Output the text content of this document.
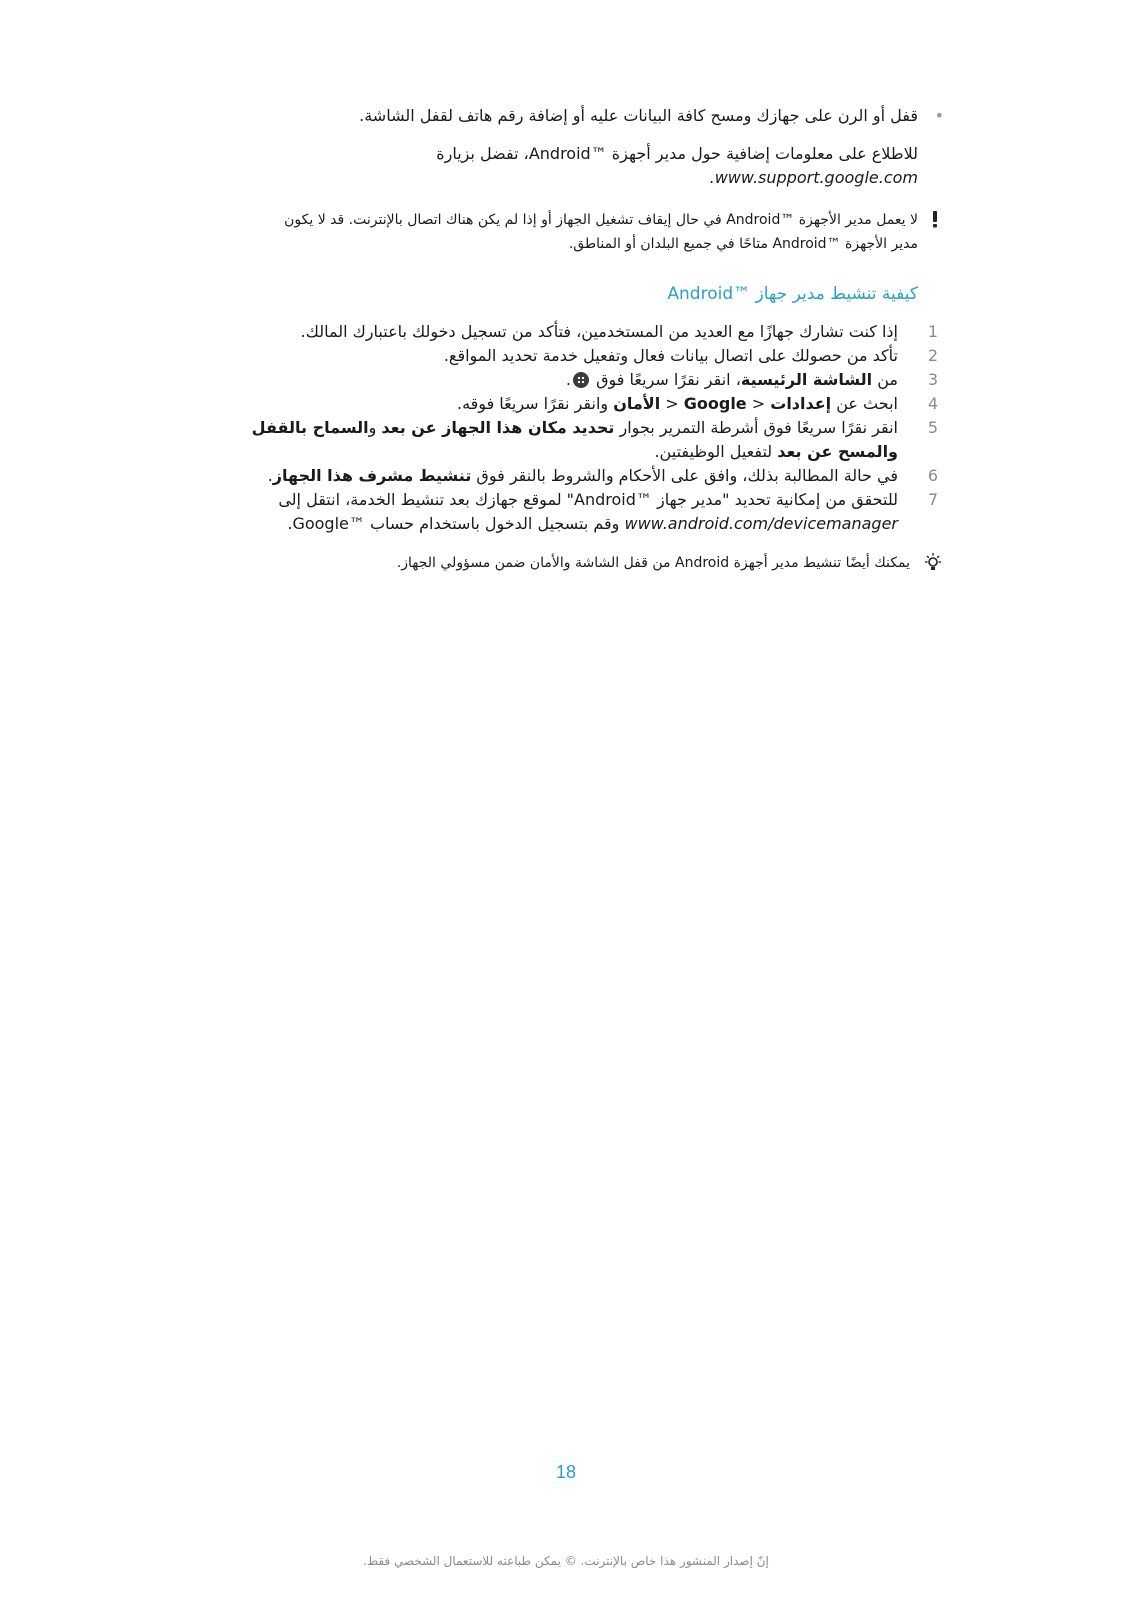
•
قفل أو الرن على جهازك ومسح كافة البيانات عليه أو إضافة رقم هاتف لقفل الشاشة.
للاطلاع على معلومات إضافية حول مدير أجهزة ™Android، تفضل بزيارة
www.support.google.com.
لا يعمل مدير الأجهزة ™Android في حال إيقاف تشغيل الجهاز أو إذا لم يكن هناك اتصال بالإنترنت. قد لا يكون
مدير الأجهزة ™Android متاحًا في جميع البلدان أو المناطق.
كيفية تنشيط مدير جهاز ™Android
1
إذا كنت تشارك جهازًا مع العديد من المستخدمين، فتأكد من تسجيل دخولك باعتبارك المالك.
2
تأكد من حصولك على اتصال بيانات فعال وتفعيل خدمة تحديد المواقع.
3
من الشاشة الرئيسية، انقر نقرًا سريعًا فوق .
4
ابحث عن إعدادات < Google < الأمان وانقر نقرًا سريعًا فوقه.
5
انقر نقرًا سريعًا فوق أشرطة التمرير بجوار تحديد مكان هذا الجهاز عن بعد والسماح بالقفل والمسح عن بعد لتفعيل الوظيفتين.
6
في حالة المطالبة بذلك، وافق على الأحكام والشروط بالنقر فوق تنشيط مشرف هذا الجهاز.
7
للتحقق من إمكانية تحديد "مدير جهاز ™Android" لموقع جهازك بعد تنشيط الخدمة، انتقل إلى www.android.com/devicemanager وقم بتسجيل الدخول باستخدام حساب ™Google.
يمكنك أيضًا تنشيط مدير أجهزة Android من قفل الشاشة والأمان ضمن مسؤولي الجهاز.
18
إنّ إصدار المنشور هذا خاص بالإنترنت. © يمكن طباعته للاستعمال الشخصي فقط.
